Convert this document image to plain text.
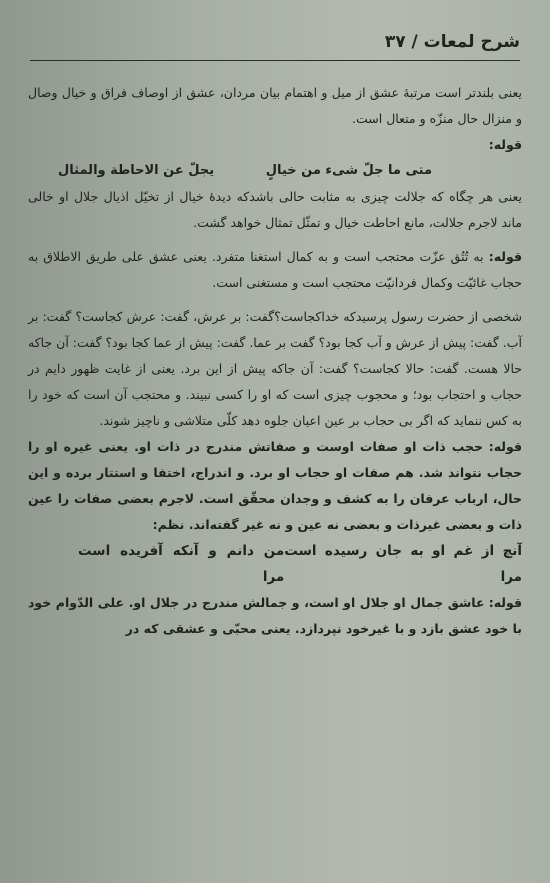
شرح لمعات / ۳۷

یعنی بلندتر است مرتبۀ عشق از میل و اهتمام بیان مردان، عشق از اوصاف فراق و خیال وصال و منزال حال منزّه و متعال است.

قوله:

متی ما جلّ شیء من خیالٍ
یجلّ عن الاحاطة والمثال

یعنی هر چگاه که جلالت چیزی به مثابت حالی باشدکه دیدۀ خیال از تخیّل اذیال جلال او خالی ماند لاجرم جلالت، مانع احاطت خیال و تمثّل تمثال خواهد گشت.

قوله: به تُتُق عزّت محتجب است و به کمال استغنا متفرد. یعنی عشق علی طریق الاطلاق به حجاب غائیّت وکمال فردانیّت محتجب است و مستغنی است.

شخصی از حضرت رسول پرسیدکه خداکجاست؟گفت: بر عرش، گفت: عرش کجاست؟ گفت: بر آب. گفت: پیش از عرش و آب کجا بود؟ گفت بر عما. گفت: پیش از عما کجا بود؟ گفت: آن جاکه حالا هست. گفت: حالا کجاست؟ گفت: آن جاکه پیش از این برد. یعنی از غایت ظهور دایم در حجاب و احتجاب بود؛ و محجوب چیزی است که او را کسی نبیند. و محتجب آن است که خود را به کس ننماید که اگر بی حجاب بر عین اعیان جلوه دهد کلّی متلاشی و ناچیز شوند.

قوله: حجب ذات او صفات اوست و صفاتش مندرج در ذات او. یعنی غیره او را حجاب نتواند شد. هم صفات او حجاب او برد. و اندراج، اختفا و استتار برده و این حال، ارباب عرفان را به کشف و وجدان محقّق است. لاجرم بعضی صفات را عین ذات و بعضی غیرذات و بعضی نه عین و نه غیر گفته‌اند. نظم:

آنچ از غم او به جان رسیده است مرا
من دانم و آنکه آفریده است مرا

قوله: عاشق جمال او جلال او است، و جمالش مندرج در جلال او. علی الدّوام خود با خود عشق بازد و با غیرخود نپردازد. یعنی محبّی و عشقی که در
